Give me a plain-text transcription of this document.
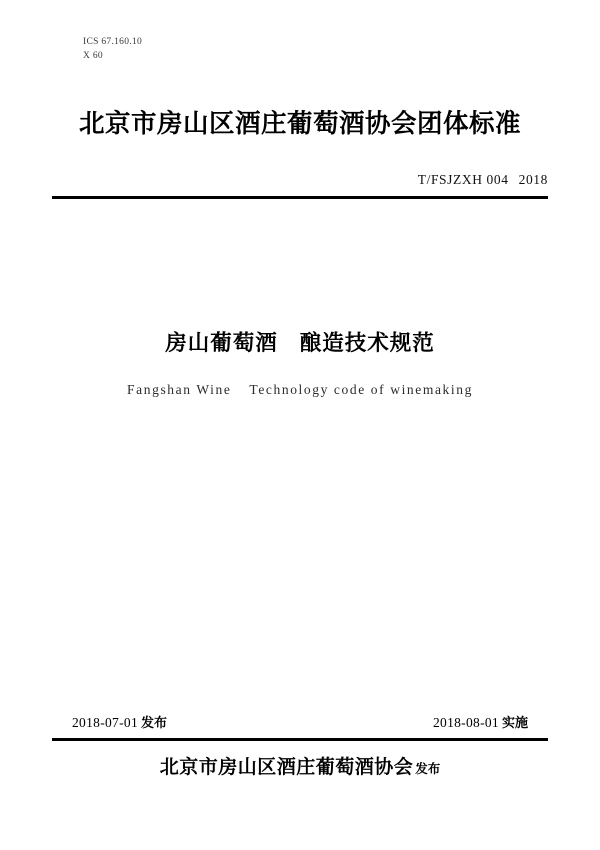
ICS 67.160.10
X 60
北京市房山区酒庄葡萄酒协会团体标准
T/FSJZXH 004 2018
房山葡萄酒 酿造技术规范
Fangshan Wine Technology code of winemaking
2018-07-01 发布	2018-08-01 实施
北京市房山区酒庄葡萄酒协会 发布
